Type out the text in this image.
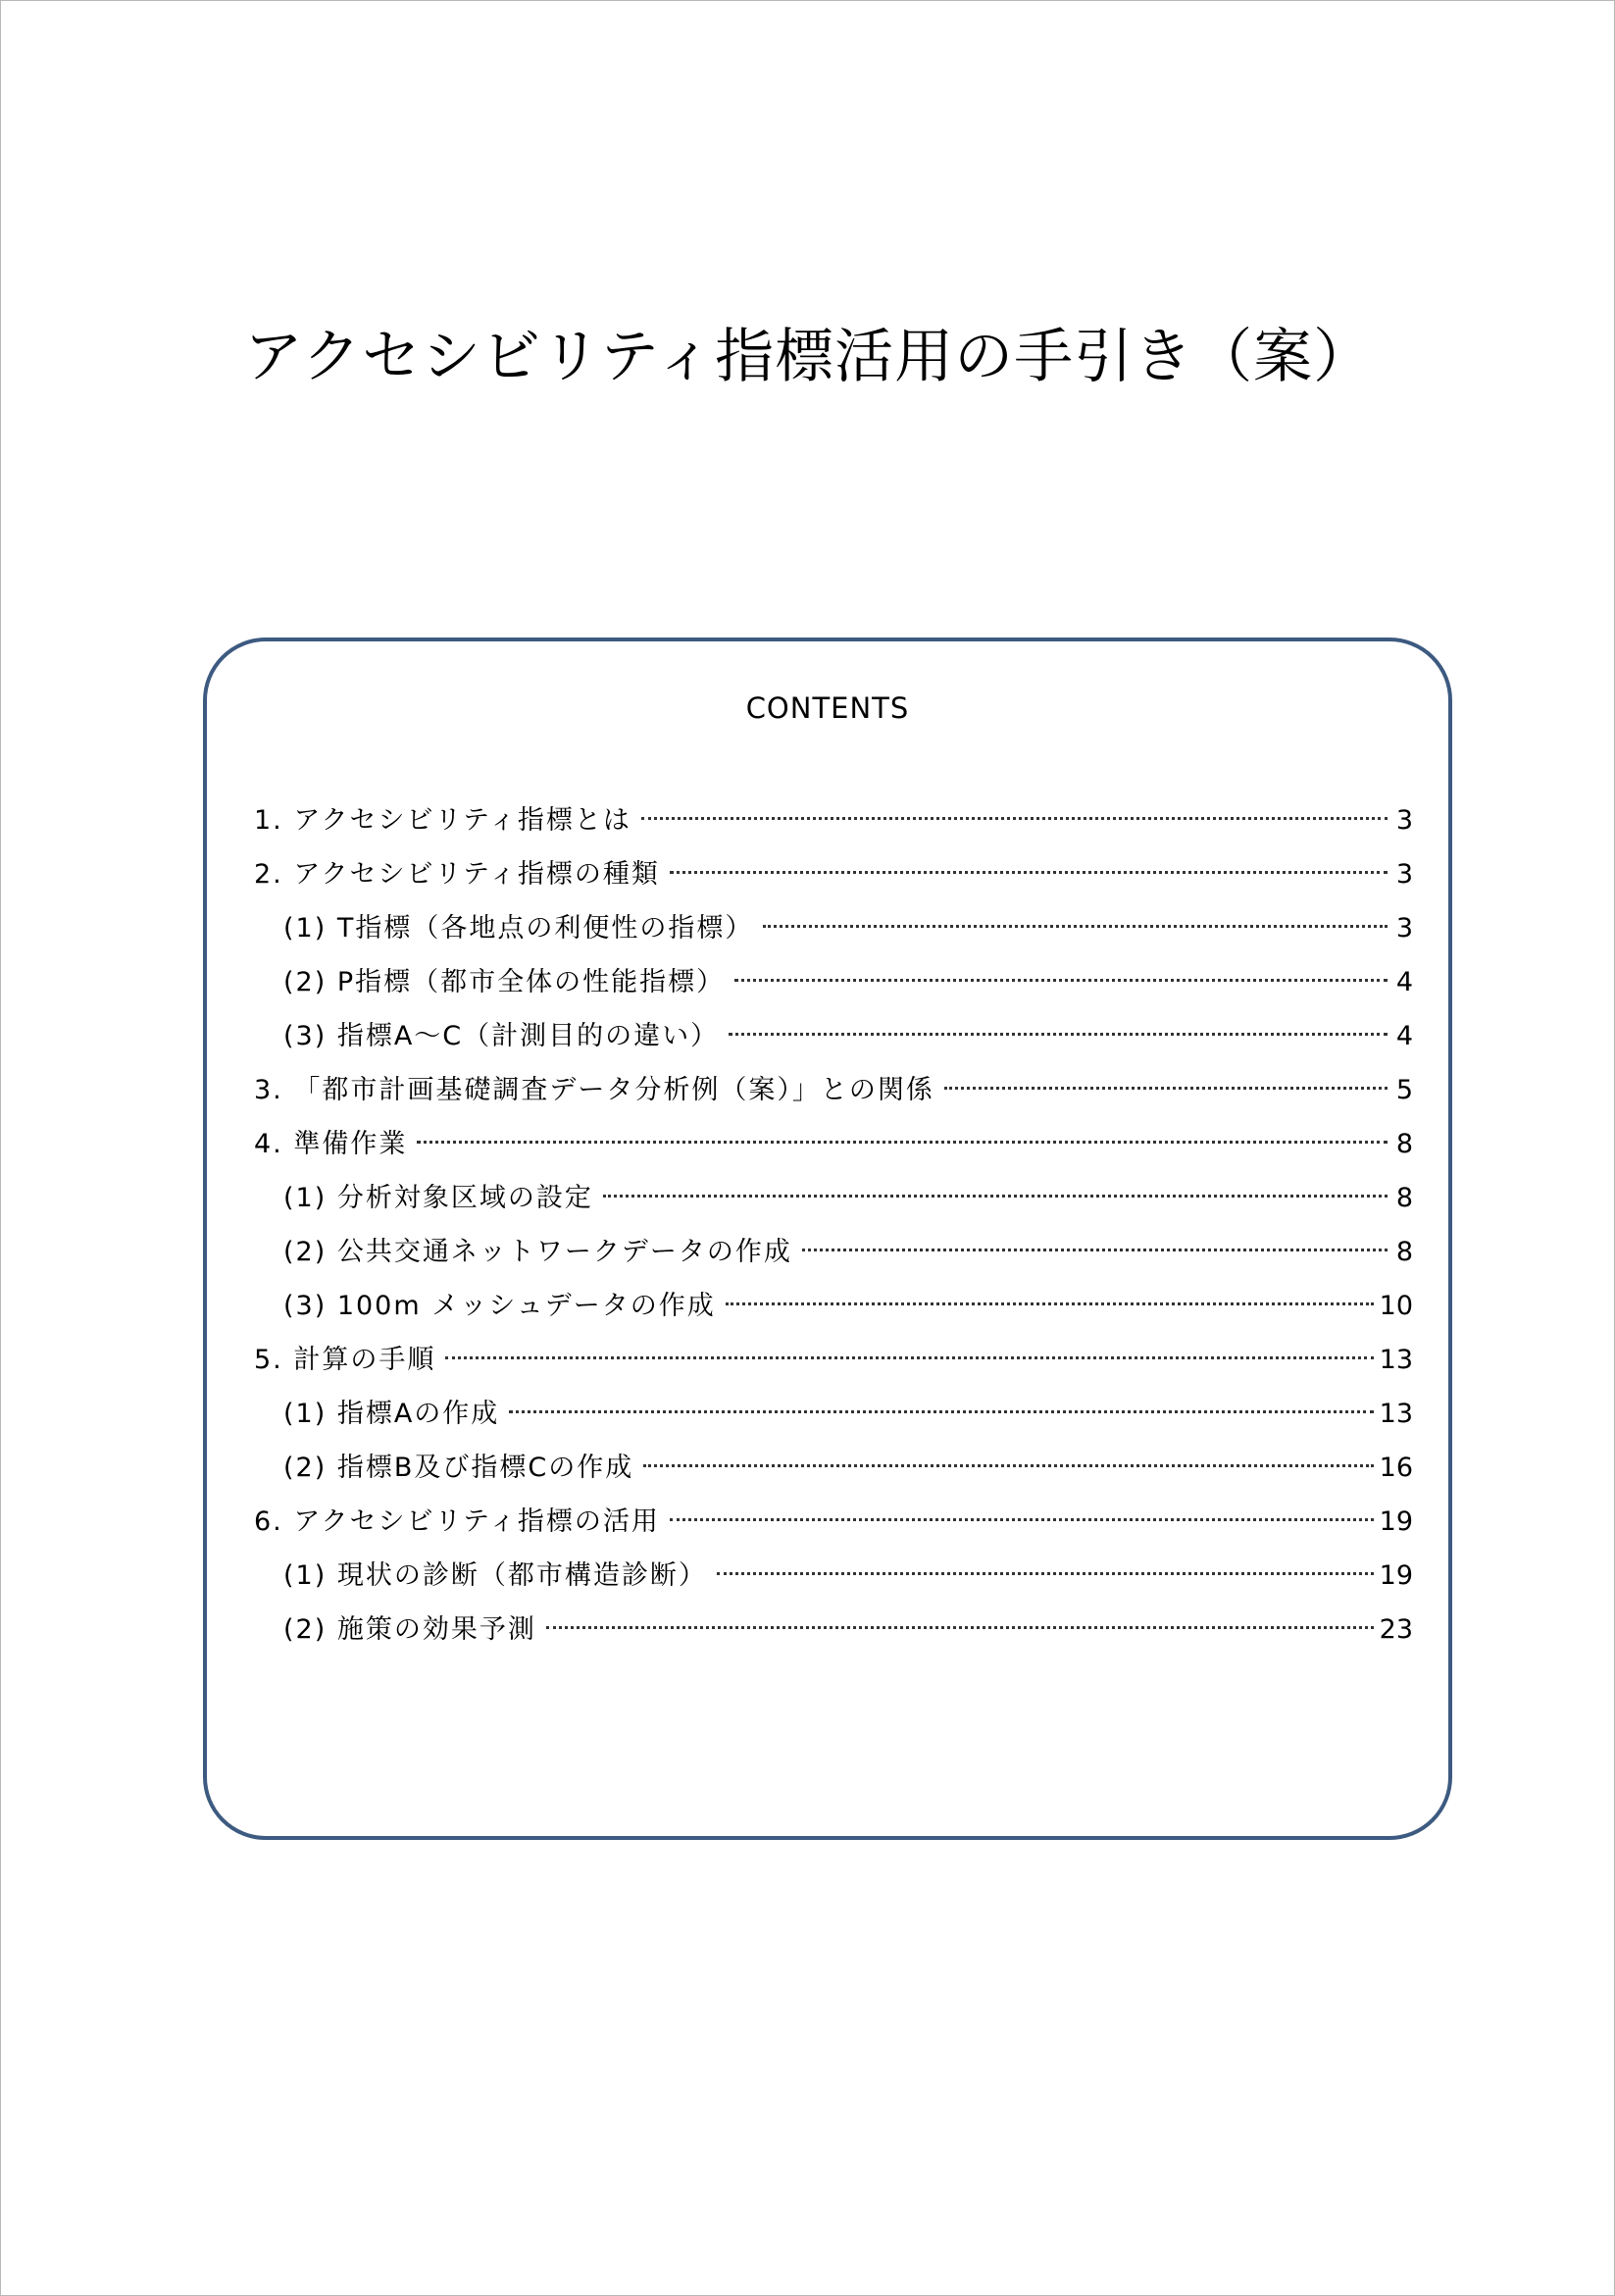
アクセシビリティ指標活用の手引き（案）
CONTENTS
1. アクセシビリティ指標とは	3
2. アクセシビリティ指標の種類	3
(1) T指標（各地点の利便性の指標）	3
(2) P指標（都市全体の性能指標）	4
(3) 指標A～C（計測目的の違い）	4
3. 「都市計画基礎調査データ分析例（案）」との関係	5
4. 準備作業	8
(1) 分析対象区域の設定	8
(2) 公共交通ネットワークデータの作成	8
(3) 100m メッシュデータの作成	10
5. 計算の手順	13
(1) 指標Aの作成	13
(2) 指標B及び指標Cの作成	16
6. アクセシビリティ指標の活用	19
(1) 現状の診断（都市構造診断）	19
(2) 施策の効果予測	23
